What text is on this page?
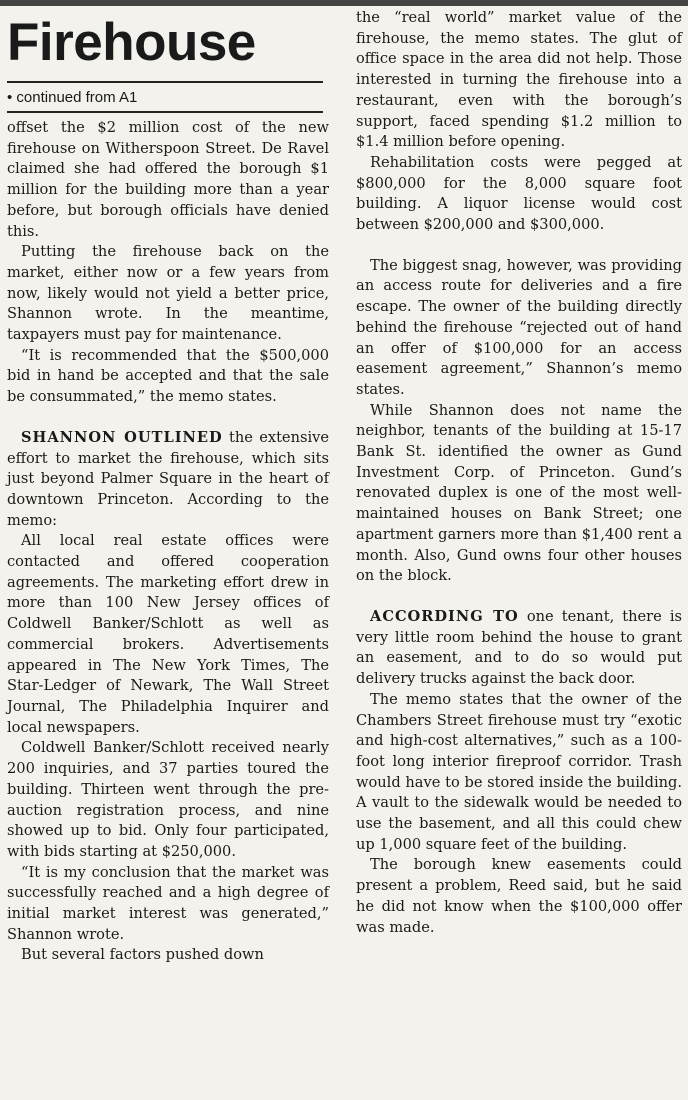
Firehouse
• continued from A1

offset the $2 million cost of the new firehouse on Witherspoon Street. De Ravel claimed she had offered the borough $1 million for the building more than a year before, but borough officials have denied this.

Putting the firehouse back on the market, either now or a few years from now, likely would not yield a better price, Shannon wrote. In the meantime, taxpayers must pay for maintenance.

“It is recommended that the $500,000 bid in hand be accepted and that the sale be consummated,” the memo states.

SHANNON OUTLINED the extensive effort to market the firehouse, which sits just beyond Palmer Square in the heart of downtown Princeton. According to the memo:

All local real estate offices were contacted and offered cooperation agreements. The marketing effort drew in more than 100 New Jersey offices of Coldwell Banker/Schlott as well as commercial brokers. Advertisements appeared in The New York Times, The Star-Ledger of Newark, The Wall Street Journal, The Philadelphia Inquirer and local newspapers.

Coldwell Banker/Schlott received nearly 200 inquiries, and 37 parties toured the building. Thirteen went through the pre-auction registration process, and nine showed up to bid. Only four participated, with bids starting at $250,000.

“It is my conclusion that the market was successfully reached and a high degree of initial market interest was generated,” Shannon wrote.

But several factors pushed down

the “real world” market value of the firehouse, the memo states. The glut of office space in the area did not help. Those interested in turning the firehouse into a restaurant, even with the borough’s support, faced spending $1.2 million to $1.4 million before opening.

Rehabilitation costs were pegged at $800,000 for the 8,000 square foot building. A liquor license would cost between $200,000 and $300,000.

The biggest snag, however, was providing an access route for deliveries and a fire escape. The owner of the building directly behind the firehouse “rejected out of hand an offer of $100,000 for an access easement agreement,” Shannon’s memo states.

While Shannon does not name the neighbor, tenants of the building at 15-17 Bank St. identified the owner as Gund Investment Corp. of Princeton. Gund’s renovated duplex is one of the most well-maintained houses on Bank Street; one apartment garners more than $1,400 rent a month. Also, Gund owns four other houses on the block.

ACCORDING TO one tenant, there is very little room behind the house to grant an easement, and to do so would put delivery trucks against the back door.

The memo states that the owner of the Chambers Street firehouse must try “exotic and high-cost alternatives,” such as a 100-foot long interior fireproof corridor. Trash would have to be stored inside the building. A vault to the sidewalk would be needed to use the basement, and all this could chew up 1,000 square feet of the building.

The borough knew easements could present a problem, Reed said, but he said he did not know when the $100,000 offer was made.
